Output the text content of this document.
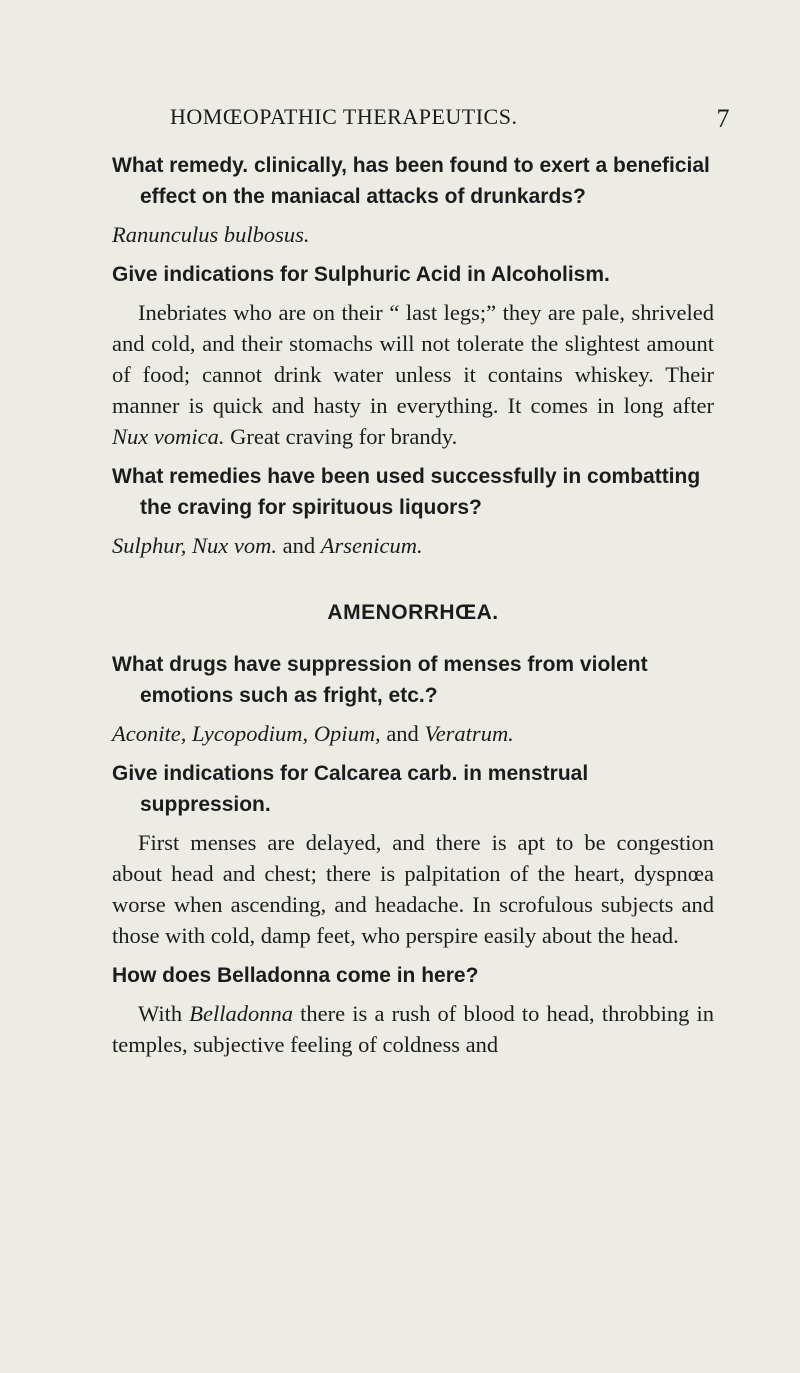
HOMŒOPATHIC THERAPEUTICS.	7

What remedy. clinically, has been found to exert a beneficial effect on the maniacal attacks of drunkards?

Ranunculus bulbosus.

Give indications for Sulphuric Acid in Alcoholism.

Inebriates who are on their “ last legs;” they are pale, shriveled and cold, and their stomachs will not tolerate the slightest amount of food; cannot drink water unless it contains whiskey. Their manner is quick and hasty in everything. It comes in long after Nux vomica. Great craving for brandy.

What remedies have been used successfully in combatting the craving for spirituous liquors?

Sulphur, Nux vom. and Arsenicum.

AMENORRHŒA.

What drugs have suppression of menses from violent emotions such as fright, etc.?

Aconite, Lycopodium, Opium, and Veratrum.

Give indications for Calcarea carb. in menstrual suppression.

First menses are delayed, and there is apt to be congestion about head and chest; there is palpitation of the heart, dyspnœa worse when ascending, and headache. In scrofulous subjects and those with cold, damp feet, who perspire easily about the head.

How does Belladonna come in here?

With Belladonna there is a rush of blood to head, throbbing in temples, subjective feeling of coldness and
